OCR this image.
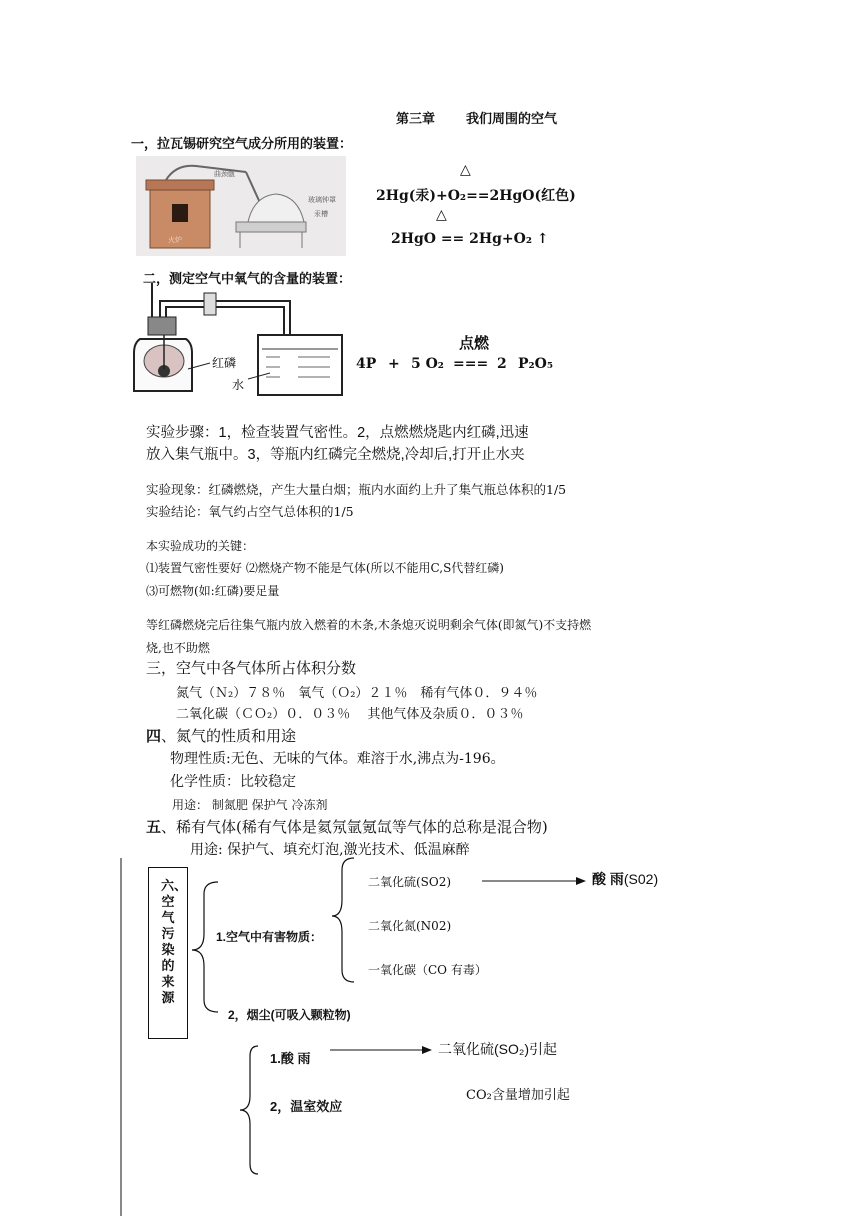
第三章 我们周围的空气
一，拉瓦锡研究空气成分所用的装置：
曲颈甑
玻璃钟罩
汞槽
火炉
△
2Hg(汞)+O₂==2HgO(红色)
△
2HgO == 2Hg+O₂ ↑
二，测定空气中氧气的含量的装置：
红磷
水
点燃
4P + 5 O₂ === 2 P₂O₅
实验步骤：1，检查装置气密性。2，点燃燃烧匙内红磷,迅速
放入集气瓶中。3，等瓶内红磷完全燃烧,冷却后,打开止水夹
实验现象：红磷燃烧，产生大量白烟；瓶内水面约上升了集气瓶总体积的1/5
实验结论：氧气约占空气总体积的1/5
本实验成功的关键：
⑴装置气密性要好 ⑵燃烧产物不能是气体(所以不能用C,S代替红磷)
⑶可燃物(如:红磷)要足量
等红磷燃烧完后往集气瓶内放入燃着的木条,木条熄灭说明剩余气体(即氮气)不支持燃
烧,也不助燃
三，空气中各气体所占体积分数
氮气（Ｎ₂）７８％　氧气（Ｏ₂）２１％　稀有气体０．９４％
二氧化碳（ＣＯ₂）０．０３％　 其他气体及杂质０．０３％
四、氮气的性质和用途
物理性质:无色、无味的气体。难溶于水,沸点为-196。
化学性质：比较稳定
用途： 制氮肥 保护气 冷冻剂
五、稀有气体(稀有气体是氦氖氩氪氙等气体的总称是混合物)
用途: 保护气、填充灯泡,激光技术、低温麻醉
六、空气污染的来源
1.空气中有害物质：
二氧化硫(SO2)	酸 雨(S02)
二氧化氮(N02)
一氧化碳（CO 有毒）
2，烟尘(可吸入颗粒物)
1.酸 雨
二氧化硫(SO₂)引起
2，温室效应
CO₂含量增加引起
